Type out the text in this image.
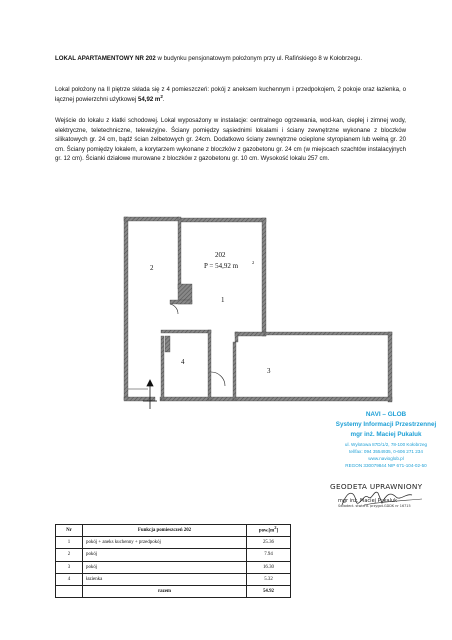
LOKAL APARTAMENTOWY NR 202 w budynku pensjonatowym położonym przy ul. Rafińskiego 8 w Kołobrzegu.
Lokal położony na II piętrze składa się z 4 pomieszczeń: pokój z aneksem kuchennym i przedpokojem, 2 pokoje oraz łazienka, o łącznej powierzchni użytkowej 54,92 $m^2$.
Wejście do lokalu z klatki schodowej. Lokal wyposażony w instalacje: centralnego ogrzewania, wod-kan, ciepłej i zimnej wody, elektryczne, teletechniczne, telewizyjne. Ściany pomiędzy sąsiednimi lokalami i ściany zewnętrzne wykonane z bloczków silikatowych gr. 24 cm, bądź ścian żelbetowych gr. 24cm. Dodatkowo ściany zewnętrzne ocieplone styropianem lub wełną gr. 20 cm. Ściany pomiędzy lokalem, a korytarzem wykonane z bloczków z gazobetonu gr. 24 cm (w miejscach szachtów instalacyjnych gr. 12 cm). Ścianki działowe murowane z bloczków z gazobetonu gr. 10 cm. Wysokość lokalu 257 cm.
202
P = 54,92 m	2
1
2
3
4
NAVI – GLOB
Systemy Informacji Przestrzennej
mgr inż. Maciej Pukaluk
ul. Wylotowa 87D/1/2, 78-100 Kołobrzeg
tel/fax: 094 3554935, 0-606 271 234
www.navioglob.pl
REGON 330079844 NIP 671-104-02-50
GEODETA UPRAWNIONY
mgr inż. Maciej Pukaluk
Świadect. stwierd. przygot.GDDK nr 16715
Nr	Funkcja pomieszczeń 202	pow.[m2]
1	pokój + aneks kuchenny + przedpokój	25.36
2	pokój	7.94
3	pokój	16.30
4	łazienka	5.32
	razem	54.92
